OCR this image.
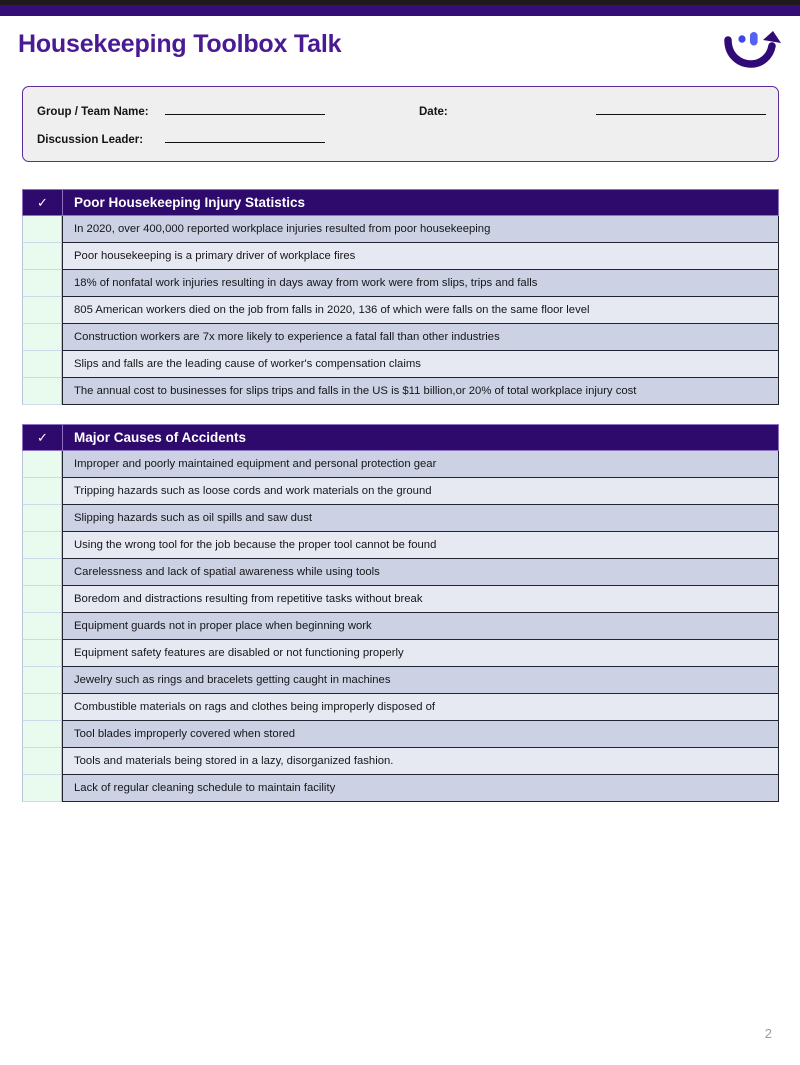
Housekeeping Toolbox Talk
Group / Team Name:
Discussion Leader:
Date:
✓	Poor Housekeeping Injury Statistics
In 2020, over 400,000 reported workplace injuries resulted from poor housekeeping
Poor housekeeping is a primary driver of workplace fires
18% of nonfatal work injuries resulting in days away from work were from slips, trips and falls
805 American workers died on the job from falls in 2020, 136 of which were falls on the same floor level
Construction workers are 7x more likely to experience a fatal fall than other industries
Slips and falls are the leading cause of worker's compensation claims
The annual cost to businesses for slips trips and falls in the US is $11 billion,or 20% of total workplace injury cost
✓	Major Causes of Accidents
Improper and poorly maintained equipment and personal protection gear
Tripping hazards such as loose cords and work materials on the ground
Slipping hazards such as oil spills and saw dust
Using the wrong tool for the job because the proper tool cannot be found
Carelessness and lack of spatial awareness while using tools
Boredom and distractions resulting from repetitive tasks without break
Equipment guards not in proper place when beginning work
Equipment safety features are disabled or not functioning properly
Jewelry such as rings and bracelets getting caught in machines
Combustible materials on rags and clothes being improperly disposed of
Tool blades improperly covered when stored
Tools and materials being stored in a lazy, disorganized fashion.
Lack of regular cleaning schedule to maintain facility
2
